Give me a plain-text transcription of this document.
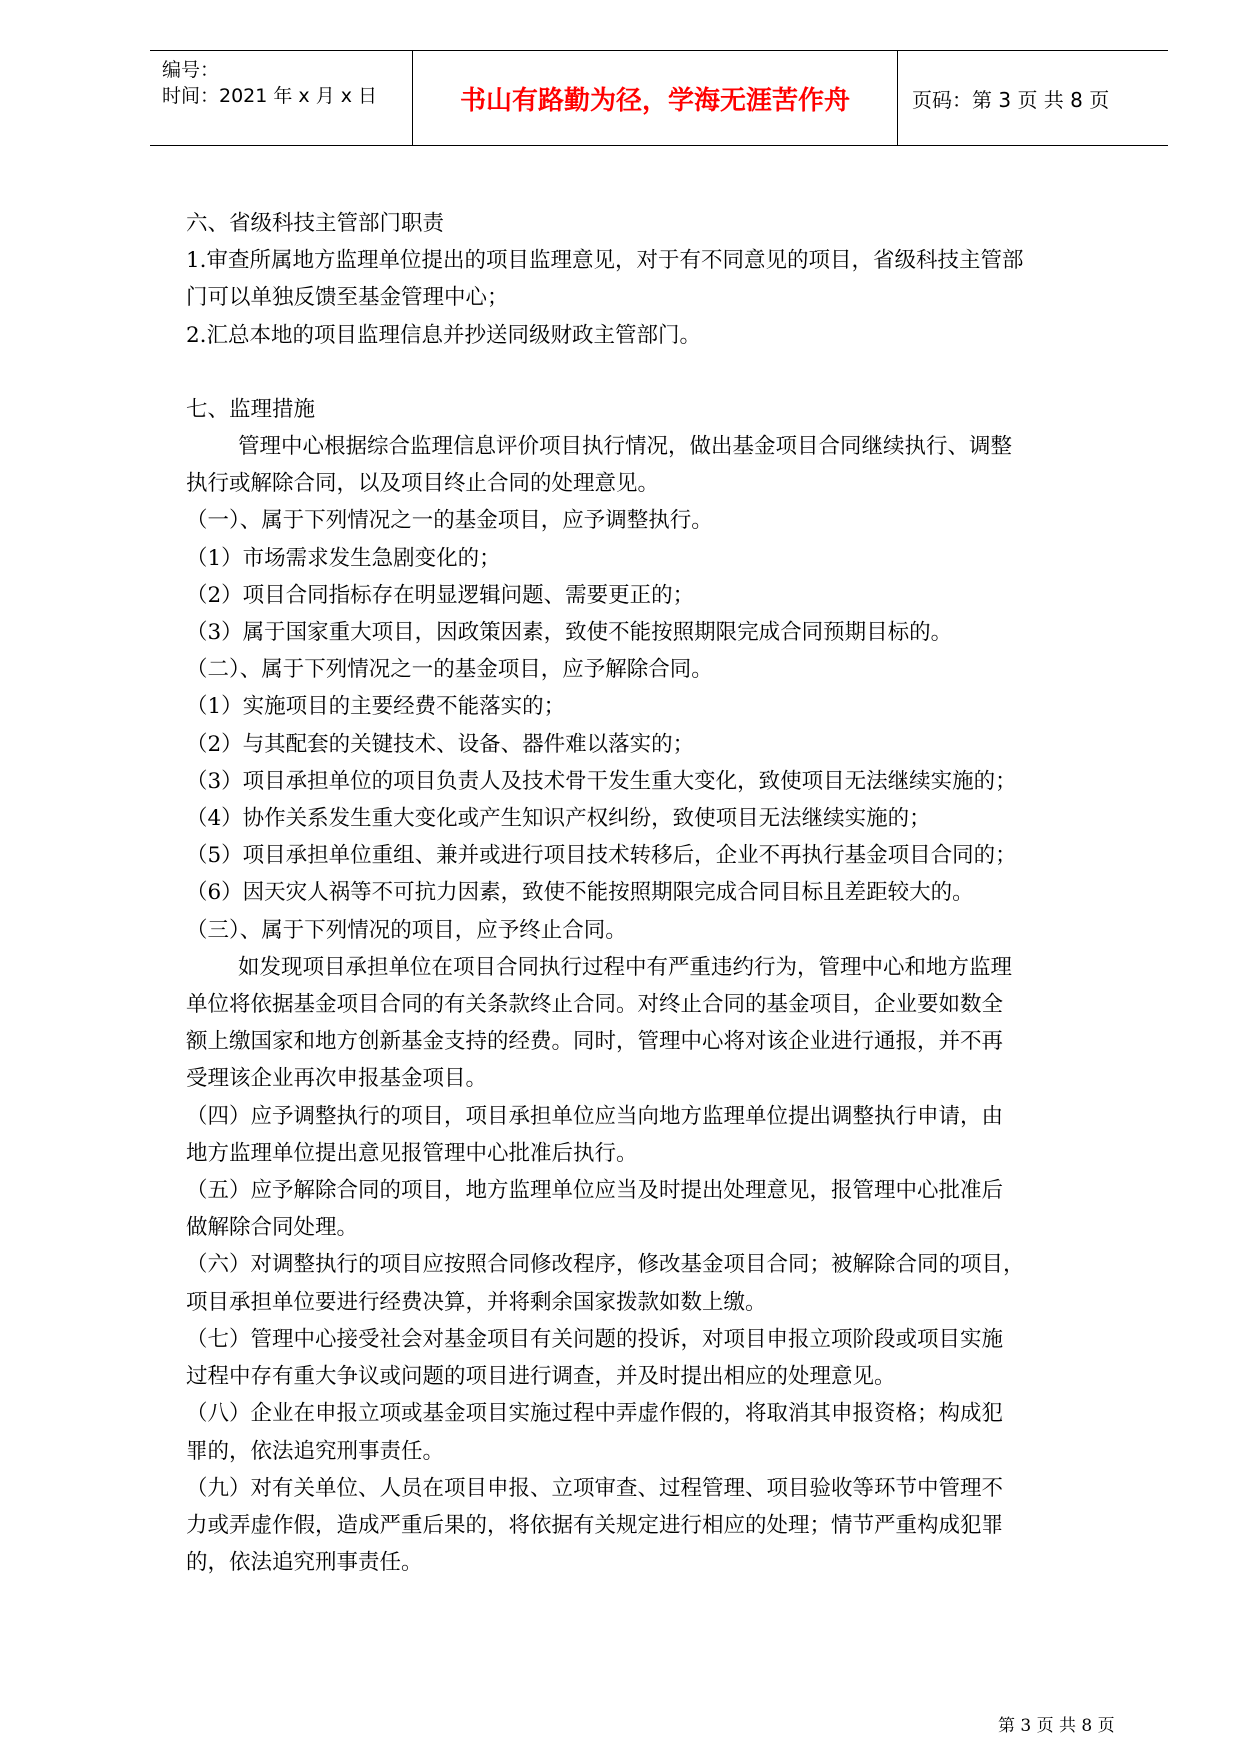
编号：
时间：2021 年 x 月 x 日	书山有路勤为径，学海无涯苦作舟	页码：第 3 页 共 8 页
六、省级科技主管部门职责
1.审查所属地方监理单位提出的项目监理意见，对于有不同意见的项目，省级科技主管部
门可以单独反馈至基金管理中心；
2.汇总本地的项目监理信息并抄送同级财政主管部门。
七、监理措施
管理中心根据综合监理信息评价项目执行情况，做出基金项目合同继续执行、调整
执行或解除合同，以及项目终止合同的处理意见。
（一）、属于下列情况之一的基金项目，应予调整执行。
（1）市场需求发生急剧变化的；
（2）项目合同指标存在明显逻辑问题、需要更正的；
（3）属于国家重大项目，因政策因素，致使不能按照期限完成合同预期目标的。
（二）、属于下列情况之一的基金项目，应予解除合同。
（1）实施项目的主要经费不能落实的；
（2）与其配套的关键技术、设备、器件难以落实的；
（3）项目承担单位的项目负责人及技术骨干发生重大变化，致使项目无法继续实施的；
（4）协作关系发生重大变化或产生知识产权纠纷，致使项目无法继续实施的；
（5）项目承担单位重组、兼并或进行项目技术转移后，企业不再执行基金项目合同的；
（6）因天灾人祸等不可抗力因素，致使不能按照期限完成合同目标且差距较大的。
（三）、属于下列情况的项目，应予终止合同。
如发现项目承担单位在项目合同执行过程中有严重违约行为，管理中心和地方监理
单位将依据基金项目合同的有关条款终止合同。对终止合同的基金项目，企业要如数全
额上缴国家和地方创新基金支持的经费。同时，管理中心将对该企业进行通报，并不再
受理该企业再次申报基金项目。
（四）应予调整执行的项目，项目承担单位应当向地方监理单位提出调整执行申请，由
地方监理单位提出意见报管理中心批准后执行。
（五）应予解除合同的项目，地方监理单位应当及时提出处理意见，报管理中心批准后
做解除合同处理。
（六）对调整执行的项目应按照合同修改程序，修改基金项目合同；被解除合同的项目，
项目承担单位要进行经费决算，并将剩余国家拨款如数上缴。
（七）管理中心接受社会对基金项目有关问题的投诉，对项目申报立项阶段或项目实施
过程中存有重大争议或问题的项目进行调查，并及时提出相应的处理意见。
（八）企业在申报立项或基金项目实施过程中弄虚作假的，将取消其申报资格；构成犯
罪的，依法追究刑事责任。
（九）对有关单位、人员在项目申报、立项审查、过程管理、项目验收等环节中管理不
力或弄虚作假，造成严重后果的，将依据有关规定进行相应的处理；情节严重构成犯罪
的，依法追究刑事责任。
第 3 页 共 8 页
